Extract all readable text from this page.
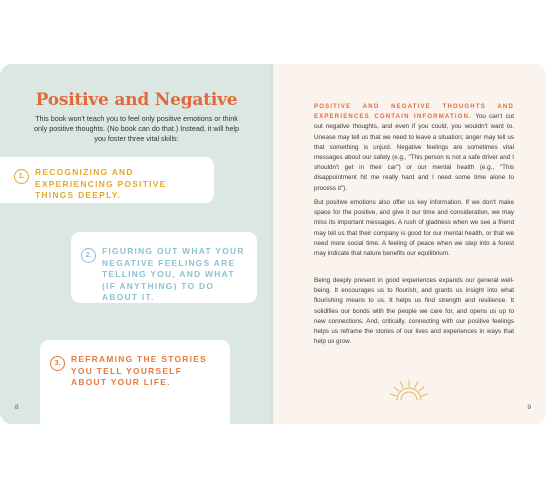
Positive and Negative

This book won't teach you to feel only positive emotions or think only positive thoughts. (No book can do that.) Instead, it will help you foster three vital skills:

1.	RECOGNIZING AND EXPERIENCING POSITIVE THINGS DEEPLY.
2.	FIGURING OUT WHAT YOUR NEGATIVE FEELINGS ARE TELLING YOU, AND WHAT (IF ANYTHING) TO DO ABOUT IT.
3.	REFRAMING THE STORIES YOU TELL YOURSELF ABOUT YOUR LIFE.
8

POSITIVE AND NEGATIVE THOUGHTS AND EXPERIENCES CONTAIN INFORMATION. You can't cut out negative thoughts, and even if you could, you wouldn't want to. Unease may tell us that we need to leave a situation; anger may tell us that something is unjust. Negative feelings are sometimes vital messages about our safety (e.g., "This person is not a safe driver and I shouldn't get in their car") or our mental health (e.g., "This disappointment hit me really hard and I need some time alone to process it").

But positive emotions also offer us key information. If we don't make space for the positive, and give it our time and consideration, we may miss its important messages. A rush of gladness when we see a friend may tell us that their company is good for our mental health, or that we need more social time. A feeling of peace when we step into a forest may indicate that nature benefits our equilibrium.

Being deeply present in good experiences expands our general well-being. It encourages us to flourish, and grants us insight into what flourishing means to us. It helps us find strength and resilience. It solidifies our bonds with the people we care for, and opens us up to new connections. And, critically, connecting with our positive feelings helps us reframe the stories of our lives and experiences in ways that help us grow.

9
